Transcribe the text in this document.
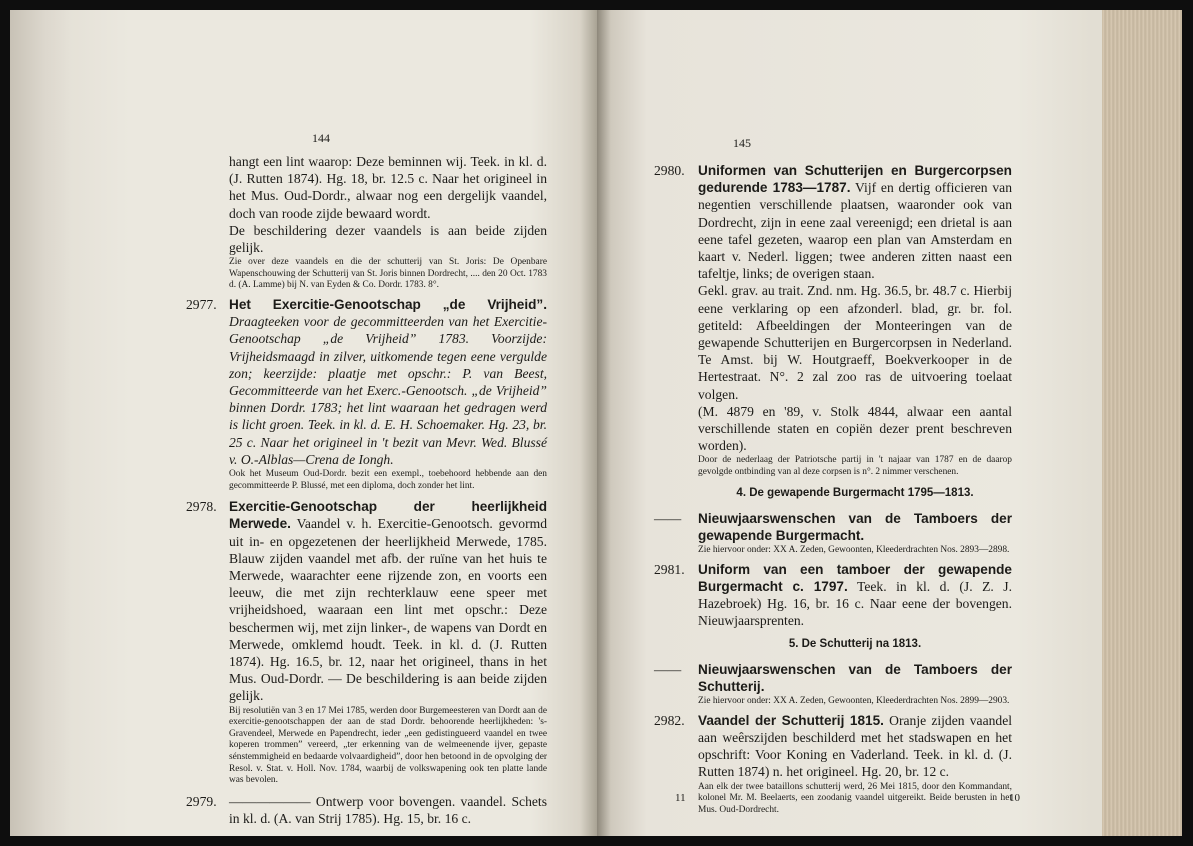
144

hangt een lint waarop: Deze beminnen wij. Teek. in kl. d. (J. Rutten 1874). Hg. 18, br. 12.5 c. Naar het origineel in het Mus. Oud-Dordr., alwaar nog een dergelijk vaandel, doch van roode zijde bewaard wordt.

De beschildering dezer vaandels is aan beide zijden gelijk.

Zie over deze vaandels en die der schutterij van St. Joris: De Openbare Wapenschouwing der Schutterij van St. Joris binnen Dordrecht, .... den 20 Oct. 1783 d. (A. Lamme) bij N. van Eyden & Co. Dordr. 1783. 8°.

2977. Het Exercitie-Genootschap „de Vrijheid”. Draagteeken voor de gecommitteerden van het Exercitie-Genootschap „de Vrijheid” 1783. Voorzijde: Vrijheidsmaagd in zilver, uitkomende tegen eene vergulde zon; keerzijde: plaatje met opschr.: P. van Beest, Gecommitteerde van het Exerc.-Genootsch. „de Vrijheid” binnen Dordr. 1783; het lint waaraan het gedragen werd is licht groen. Teek. in kl. d. E. H. Schoemaker. Hg. 23, br. 25 c. Naar het origineel in 't bezit van Mevr. Wed. Blussé v. O.-Alblas—Crena de Iongh.

Ook het Museum Oud-Dordr. bezit een exempl., toebehoord hebbende aan den gecommitteerde P. Blussé, met een diploma, doch zonder het lint.

2978. Exercitie-Genootschap der heerlijkheid Merwede. Vaandel v. h. Exercitie-Genootsch. gevormd uit in- en opgezetenen der heerlijkheid Merwede, 1785. Blauw zijden vaandel met afb. der ruïne van het huis te Merwede, waarachter eene rijzende zon, en voorts een leeuw, die met zijn rechterklauw eene speer met vrijheidshoed, waaraan een lint met opschr.: Deze beschermen wij, met zijn linker-, de wapens van Dordt en Merwede, omklemd houdt. Teek. in kl. d. (J. Rutten 1874). Hg. 16.5, br. 12, naar het origineel, thans in het Mus. Oud-Dordr. — De beschildering is aan beide zijden gelijk.

Bij resolutiën van 3 en 17 Mei 1785, werden door Burgemeesteren van Dordt aan de exercitie-genootschappen der aan de stad Dordr. behoorende heerlijkheden: 's-Gravendeel, Merwede en Papendrecht, ieder „een gedistingueerd vaandel en twee koperen trommen” vereerd, „ter erkenning van de welmeenende ijver, gepaste sénstemmigheid en bedaarde volvaardigheid”, door hen betoond in de opvolging der Resol. v. Stat. v. Holl. Nov. 1784, waarbij de volkswapening ook ten platte lande was bevolen.

2979. —————— Ontwerp voor bovengen. vaandel. Schets in kl. d. (A. van Strij 1785). Hg. 15, br. 16 c.

145
2980. Uniformen van Schutterijen en Burgercorpsen gedurende 1783—1787. Vijf en dertig officieren van negentien verschillende plaatsen, waaronder ook van Dordrecht, zijn in eene zaal vereenigd; een drietal is aan eene tafel gezeten, waarop een plan van Amsterdam en kaart v. Nederl. liggen; twee anderen zitten naast een tafeltje, links; de overigen staan.

Gekl. grav. au trait. Znd. nm. Hg. 36.5, br. 48.7 c. Hierbij eene verklaring op een afzonderl. blad, gr. br. fol. getiteld: Afbeeldingen der Monteeringen van de gewapende Schutterijen en Burgercorpsen in Nederland. Te Amst. bij W. Houtgraeff, Boekverkooper in de Hertestraat. N°. 2 zal zoo ras de uitvoering toelaat volgen.

(M. 4879 en '89, v. Stolk 4844, alwaar een aantal verschillende staten en copiën dezer prent beschreven worden).

Door de nederlaag der Patriotsche partij in 't najaar van 1787 en de daarop gevolgde ontbinding van al deze corpsen is n°. 2 nimmer verschenen.

4. De gewapende Burgermacht 1795—1813.
—— Nieuwjaarswenschen van de Tamboers der gewapende Burgermacht.

Zie hiervoor onder: XX A. Zeden, Gewoonten, Kleederdrachten Nos. 2893—2898.

2981. Uniform van een tamboer der gewapende Burgermacht c. 1797. Teek. in kl. d. (J. Z. J. Hazebroek) Hg. 16, br. 16 c. Naar eene der bovengen. Nieuwjaarsprenten.

5. De Schutterij na 1813.
—— Nieuwjaarswenschen van de Tamboers der Schutterij.

Zie hiervoor onder: XX A. Zeden, Gewoonten, Kleederdrachten Nos. 2899—2903.

2982. Vaandel der Schutterij 1815. Oranje zijden vaandel aan weêrszijden beschilderd met het stadswapen en het opschrift: Voor Koning en Vaderland. Teek. in kl. d. (J. Rutten 1874) n. het origineel. Hg. 20, br. 12 c.

Aan elk der twee bataillons schutterij werd, 26 Mei 1815, door den Kommandant, kolonel Mr. M. Beelaerts, een zoodanig vaandel uitgereikt. Beide berusten in het Mus. Oud-Dordrecht.

11	10
